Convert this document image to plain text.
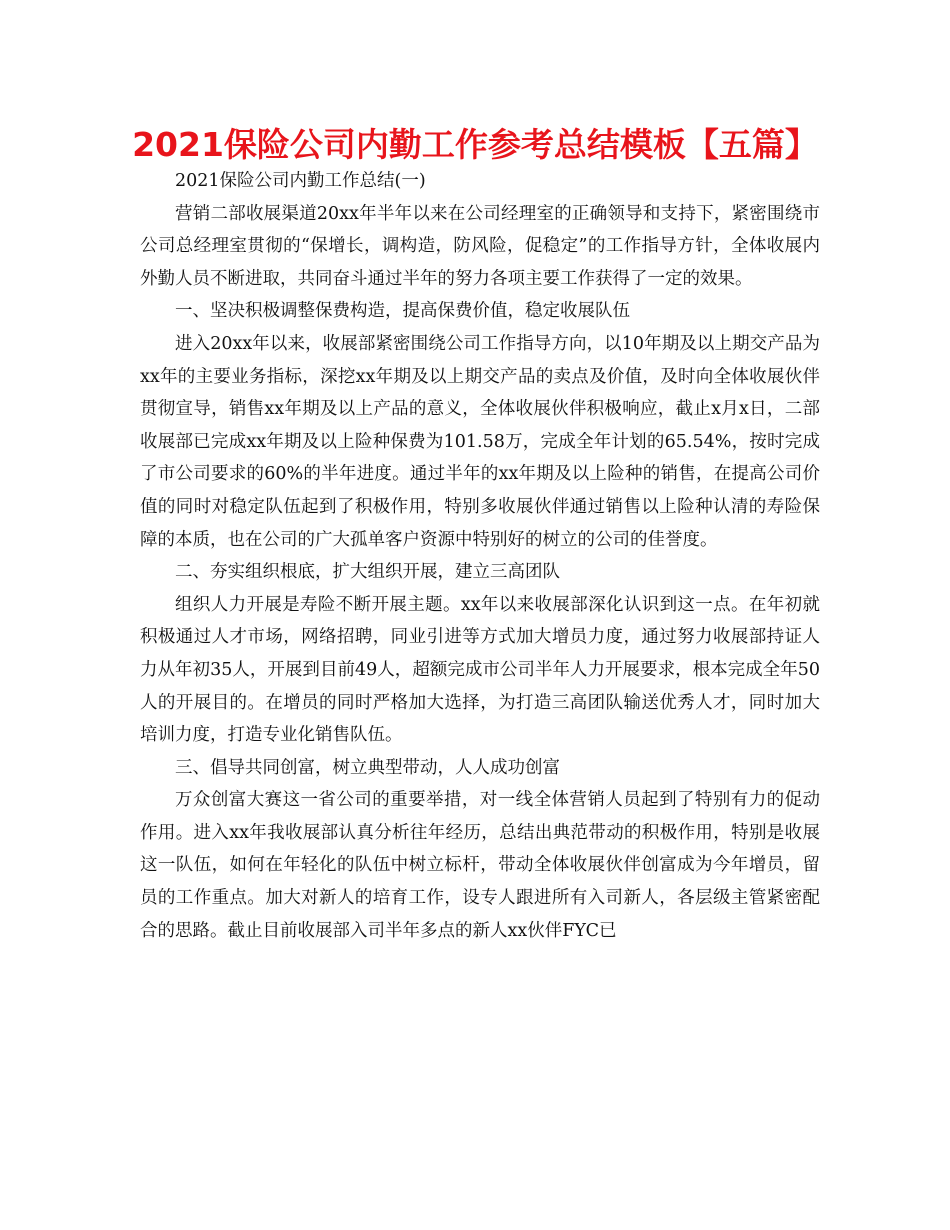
2021保险公司内勤工作参考总结模板【五篇】

2021保险公司内勤工作总结(一)

营销二部收展渠道20xx年半年以来在公司经理室的正确领导和支持下，紧密围绕市公司总经理室贯彻的“保增长，调构造，防风险，促稳定”的工作指导方针，全体收展内外勤人员不断进取，共同奋斗通过半年的努力各项主要工作获得了一定的效果。

一、坚决积极调整保费构造，提高保费价值，稳定收展队伍

进入20xx年以来，收展部紧密围绕公司工作指导方向，以10年期及以上期交产品为xx年的主要业务指标，深挖xx年期及以上期交产品的卖点及价值，及时向全体收展伙伴贯彻宣导，销售xx年期及以上产品的意义，全体收展伙伴积极响应，截止x月x日，二部收展部已完成xx年期及以上险种保费为101.58万，完成全年计划的65.54%，按时完成了市公司要求的60%的半年进度。通过半年的xx年期及以上险种的销售，在提高公司价值的同时对稳定队伍起到了积极作用，特别多收展伙伴通过销售以上险种认清的寿险保障的本质，也在公司的广大孤单客户资源中特别好的树立的公司的佳誉度。

二、夯实组织根底，扩大组织开展，建立三高团队

组织人力开展是寿险不断开展主题。xx年以来收展部深化认识到这一点。在年初就积极通过人才市场，网络招聘，同业引进等方式加大增员力度，通过努力收展部持证人力从年初35人，开展到目前49人，超额完成市公司半年人力开展要求，根本完成全年50人的开展目的。在增员的同时严格加大选择，为打造三高团队输送优秀人才，同时加大培训力度，打造专业化销售队伍。

三、倡导共同创富，树立典型带动，人人成功创富

万众创富大赛这一省公司的重要举措，对一线全体营销人员起到了特别有力的促动作用。进入xx年我收展部认真分析往年经历，总结出典范带动的积极作用，特别是收展这一队伍，如何在年轻化的队伍中树立标杆，带动全体收展伙伴创富成为今年增员，留员的工作重点。加大对新人的培育工作，设专人跟进所有入司新人，各层级主管紧密配合的思路。截止目前收展部入司半年多点的新人xx伙伴FYC已
